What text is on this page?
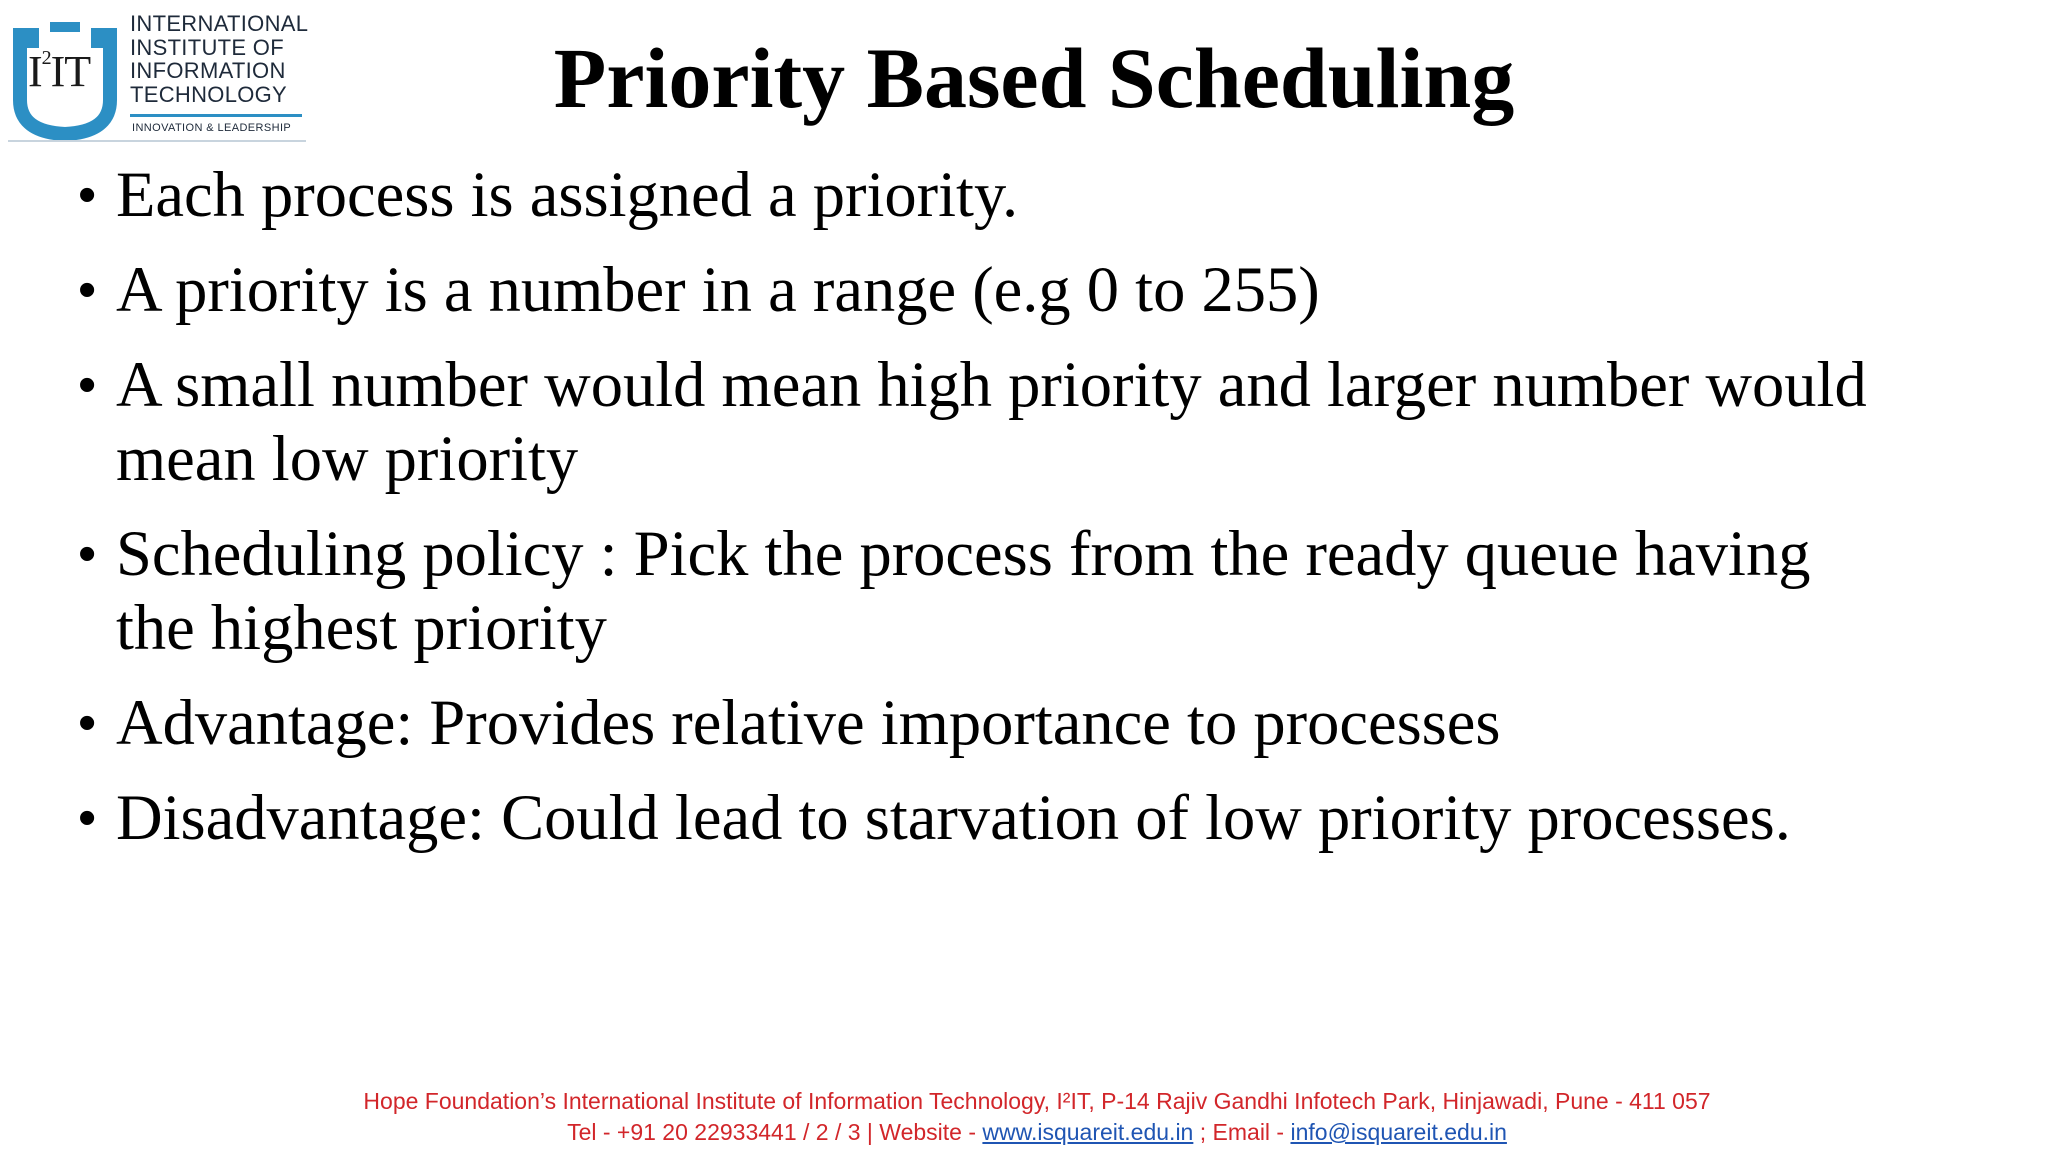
$I^2IT$
INTERNATIONAL
INSTITUTE OF
INFORMATION
TECHNOLOGY
INNOVATION & LEADERSHIP
Priority Based Scheduling
• Each process is assigned a priority.
• A priority is a number in a range (e.g 0 to 255)
• A small number would mean high priority and larger number would
mean low priority
• Scheduling policy : Pick the process from the ready queue having
the highest priority
• Advantage: Provides relative importance to processes
• Disadvantage: Could lead to starvation of low priority processes.
Hope Foundation’s International Institute of Information Technology, I²IT, P-14 Rajiv Gandhi Infotech Park, Hinjawadi, Pune - 411 057
Tel - +91 20 22933441 / 2 / 3 | Website - www.isquareit.edu.in ; Email - info@isquareit.edu.in
